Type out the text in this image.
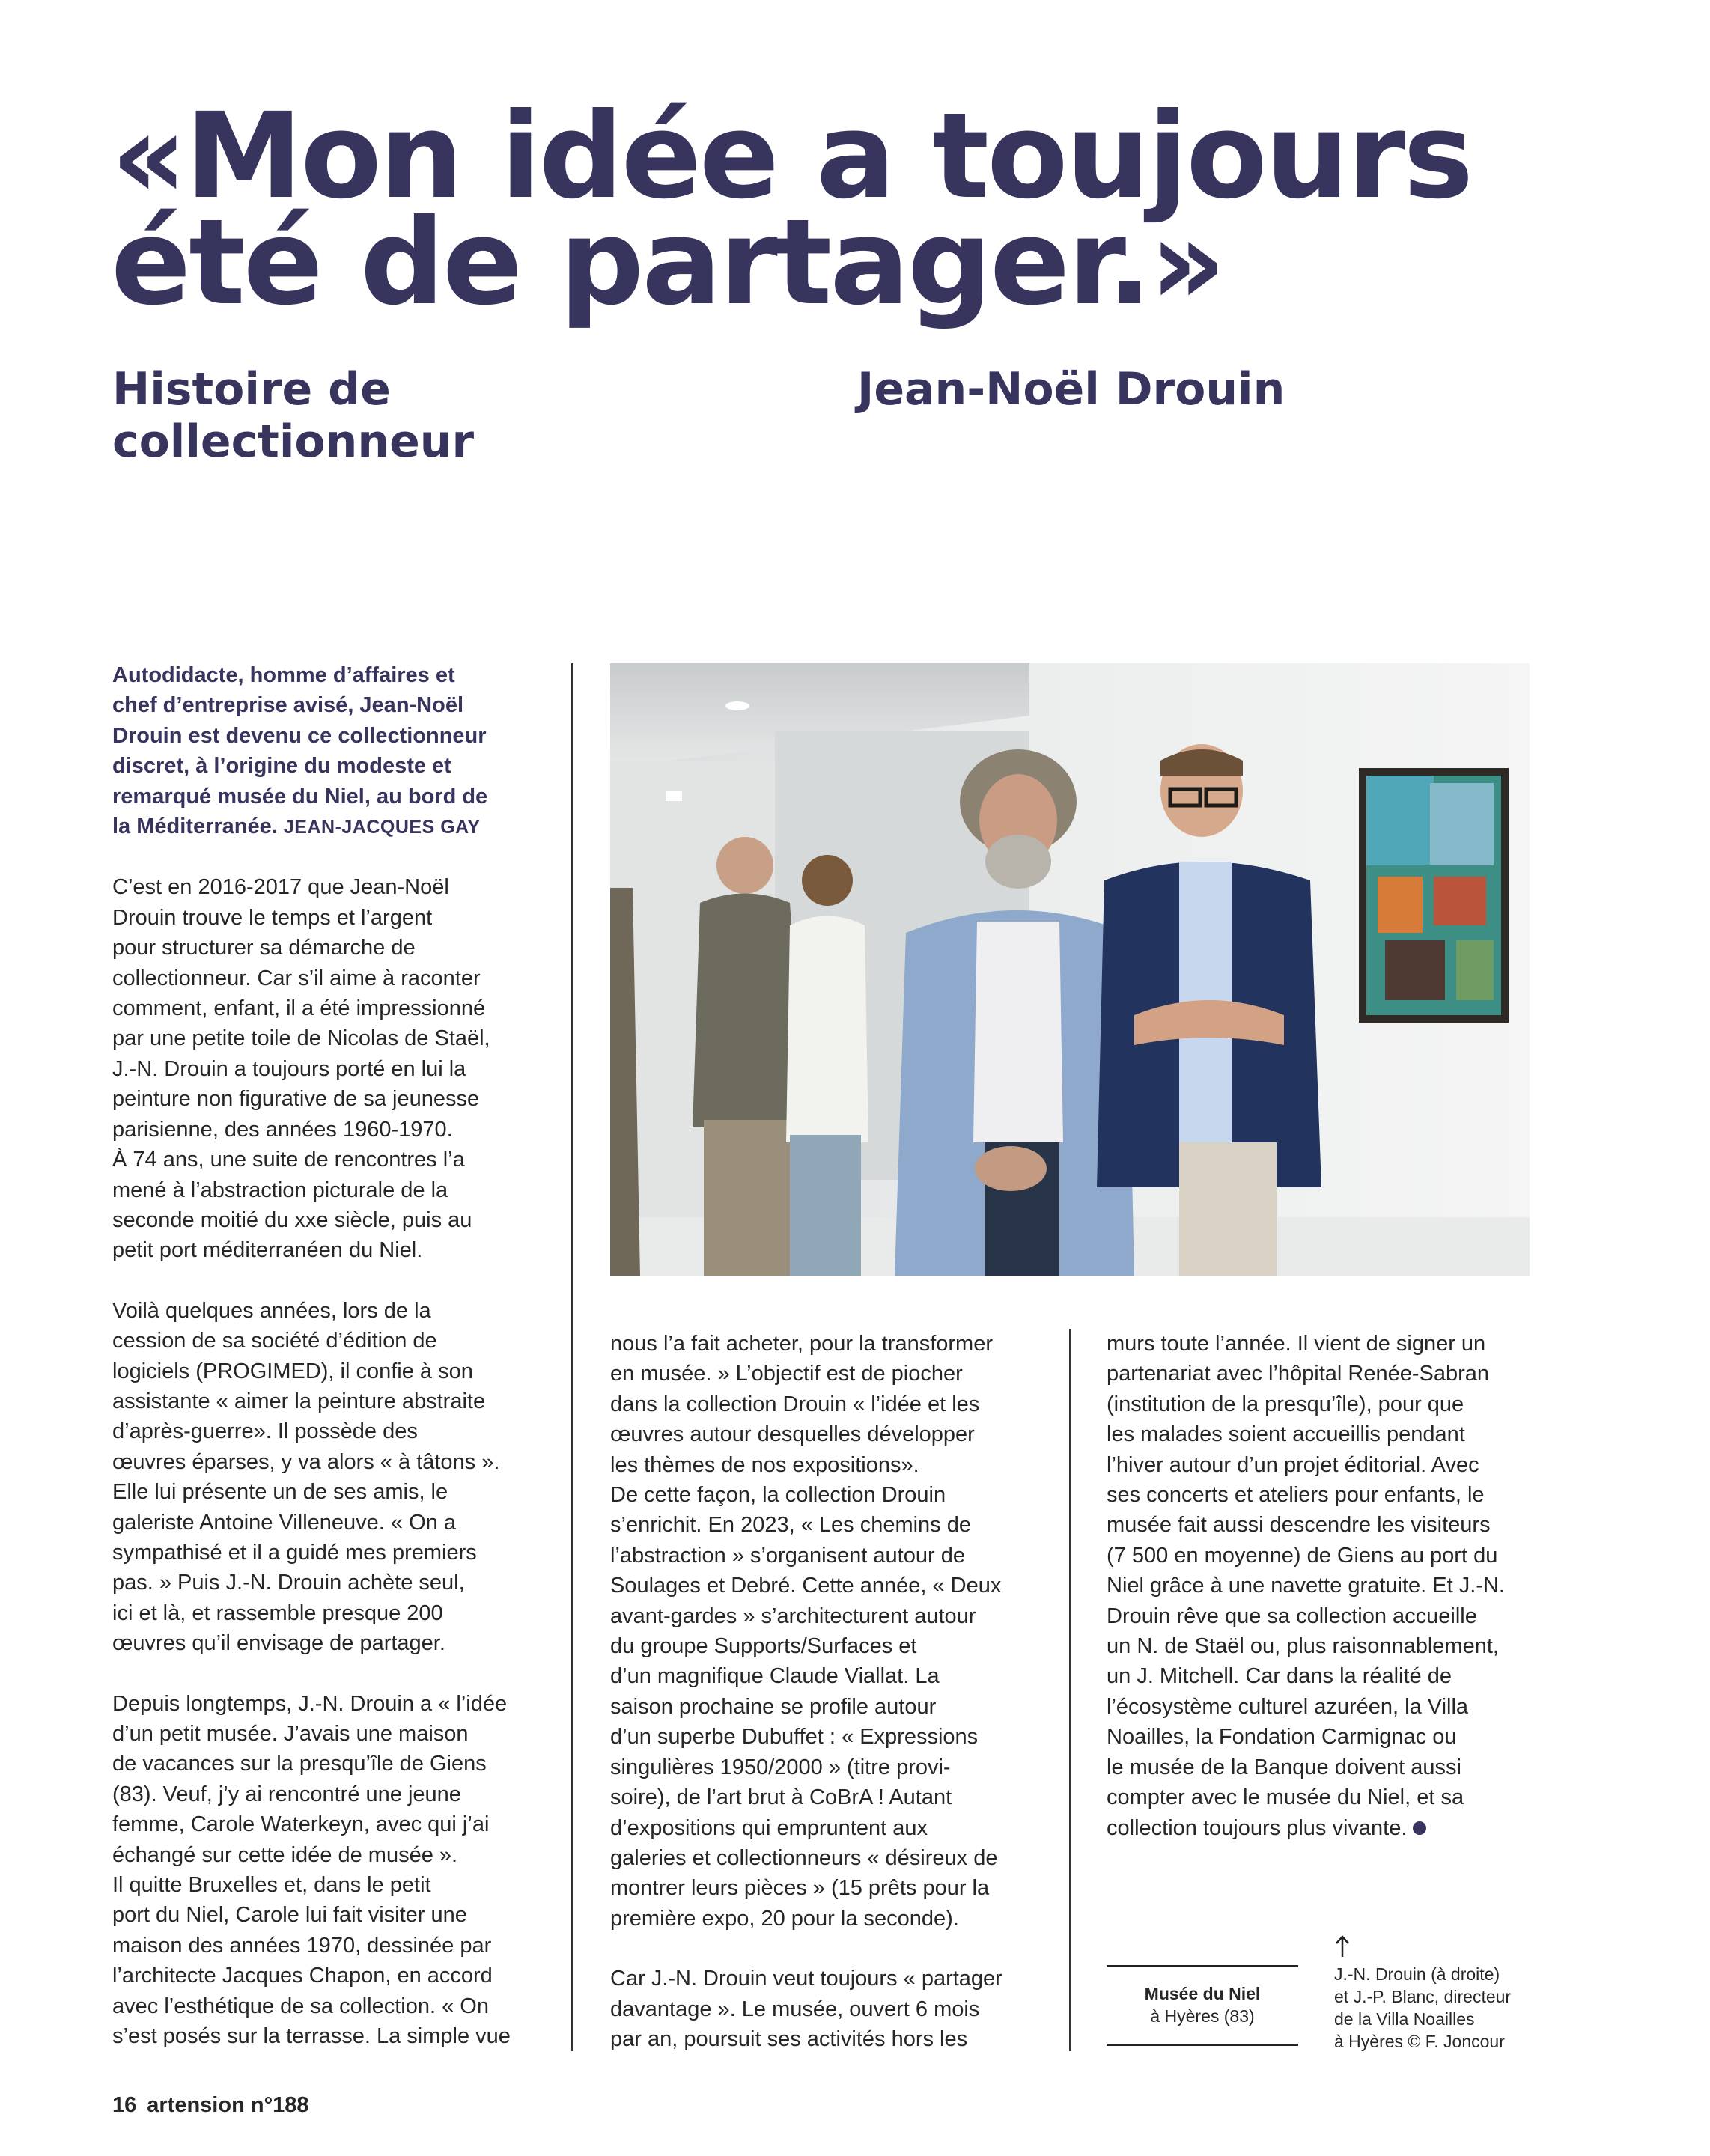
«Mon idée a toujours
été de partager.»
Histoire de
collectionneur
Jean-Noël Drouin

Autodidacte, homme d’affaires et

chef d’entreprise avisé, Jean-Noël

Drouin est devenu ce collectionneur

discret, à l’origine du modeste et

remarqué musée du Niel, au bord de

la Méditerranée. JEAN-JACQUES GAY

C’est en 2016-2017 que Jean-Noël

Drouin trouve le temps et l’argent

pour structurer sa démarche de

collectionneur. Car s’il aime à raconter

comment, enfant, il a été impressionné

par une petite toile de Nicolas de Staël,

J.-N. Drouin a toujours porté en lui la

peinture non figurative de sa jeunesse

parisienne, des années 1960-1970.

À 74 ans, une suite de rencontres l’a

mené à l’abstraction picturale de la

seconde moitié du xxe siècle, puis au

petit port méditerranéen du Niel.

Voilà quelques années, lors de la

cession de sa société d’édition de

logiciels (PROGIMED), il confie à son

assistante « aimer la peinture abstraite

d’après-guerre». Il possède des

œuvres éparses, y va alors « à tâtons ».

Elle lui présente un de ses amis, le

galeriste Antoine Villeneuve. « On a

sympathisé et il a guidé mes premiers

pas. » Puis J.-N. Drouin achète seul,

ici et là, et rassemble presque 200

œuvres qu’il envisage de partager.

Depuis longtemps, J.-N. Drouin a « l’idée

d’un petit musée. J’avais une maison

de vacances sur la presqu’île de Giens

(83). Veuf, j’y ai rencontré une jeune

femme, Carole Waterkeyn, avec qui j’ai

échangé sur cette idée de musée ».

Il quitte Bruxelles et, dans le petit

port du Niel, Carole lui fait visiter une

maison des années 1970, dessinée par

l’architecte Jacques Chapon, en accord

avec l’esthétique de sa collection. « On

s’est posés sur la terrasse. La simple vue

nous l’a fait acheter, pour la transformer

en musée. » L’objectif est de piocher

dans la collection Drouin « l’idée et les

œuvres autour desquelles développer

les thèmes de nos expositions».

De cette façon, la collection Drouin

s’enrichit. En 2023, « Les chemins de

l’abstraction » s’organisent autour de

Soulages et Debré. Cette année, « Deux

avant-gardes » s’architecturent autour

du groupe Supports/Surfaces et

d’un magnifique Claude Viallat. La

saison prochaine se profile autour

d’un superbe Dubuffet : « Expressions

singulières 1950/2000 » (titre provi-

soire), de l’art brut à CoBrA ! Autant

d’expositions qui empruntent aux

galeries et collectionneurs « désireux de

montrer leurs pièces » (15 prêts pour la

première expo, 20 pour la seconde).

Car J.-N. Drouin veut toujours « partager

davantage ». Le musée, ouvert 6 mois

par an, poursuit ses activités hors les

murs toute l’année. Il vient de signer un

partenariat avec l’hôpital Renée-Sabran

(institution de la presqu’île), pour que

les malades soient accueillis pendant

l’hiver autour d’un projet éditorial. Avec

ses concerts et ateliers pour enfants, le

musée fait aussi descendre les visiteurs

(7 500 en moyenne) de Giens au port du

Niel grâce à une navette gratuite. Et J.-N.

Drouin rêve que sa collection accueille

un N. de Staël ou, plus raisonnablement,

un J. Mitchell. Car dans la réalité de

l’écosystème culturel azuréen, la Villa

Noailles, la Fondation Carmignac ou

le musée de la Banque doivent aussi

compter avec le musée du Niel, et sa

collection toujours plus vivante.

Musée du Niel
à Hyères (83)
J.-N. Drouin (à droite)
et J.-P. Blanc, directeur
de la Villa Noailles
à Hyères © F. Joncour
16 artension n°188
